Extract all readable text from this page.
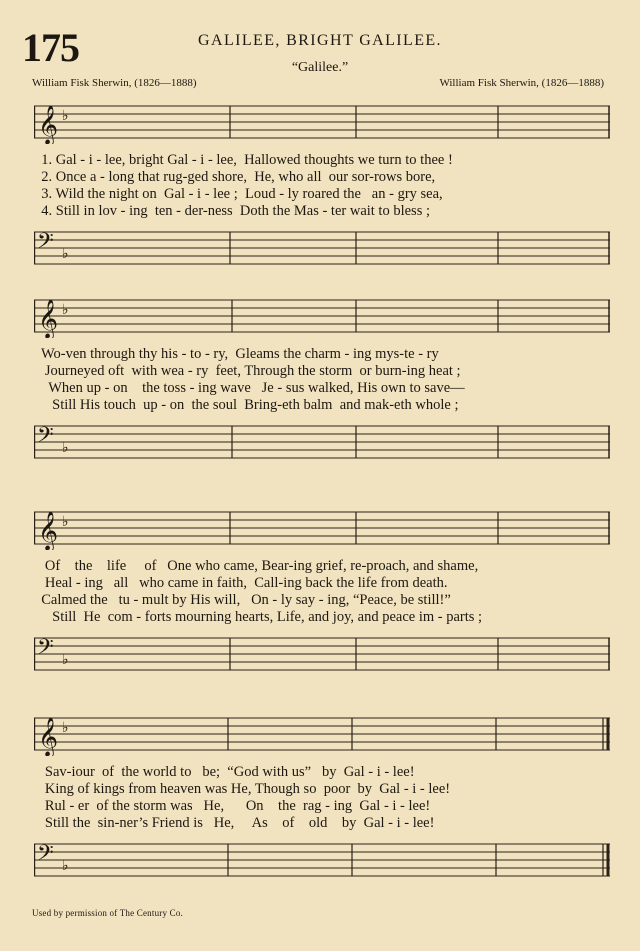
175	GALILEE, BRIGHT GALILEE.
“Galilee.”
William Fisk Sherwin, (1826—1888)	William Fisk Sherwin, (1826—1888)
𝄞 ♭
1. Gal - i - lee, bright Gal - i - lee,  Hallowed thoughts we turn to thee !
2. Once a - long that rug-ged shore,  He, who all  our sor-rows bore,
3. Wild the night on  Gal - i - lee ;  Loud - ly roared the   an - gry sea,
4. Still in lov - ing  ten - der-ness  Doth the Mas - ter wait to bless ;
𝄢 ♭
𝄞 ♭
Wo-ven through thy his - to - ry,  Gleams the charm - ing mys-te - ry
Journeyed oft  with wea - ry  feet, Through the storm  or burn-ing heat ;
When up - on    the toss - ing wave   Je - sus walked, His own to save—
Still His touch  up - on  the soul  Bring-eth balm  and mak-eth whole ;
𝄢 ♭
𝄞 ♭
Of    the    life     of   One who came, Bear-ing grief, re-proach, and shame,
Heal - ing   all   who came in faith,  Call-ing back the life from death.
Calmed the   tu - mult by His will,   On - ly say - ing, “Peace, be still!”
Still  He  com - forts mourning hearts, Life, and joy, and peace im - parts ;
𝄢 ♭
𝄞 ♭
Sav-iour  of  the world to   be;  “God with us”   by  Gal - i - lee!
King of kings from heaven was He, Though so  poor  by  Gal - i - lee!
Rul - er  of the storm was   He,      On    the  rag - ing  Gal - i - lee!
Still the  sin-ner’s Friend is   He,     As    of    old    by  Gal - i - lee!
𝄢 ♭
Used by permission of The Century Co.
